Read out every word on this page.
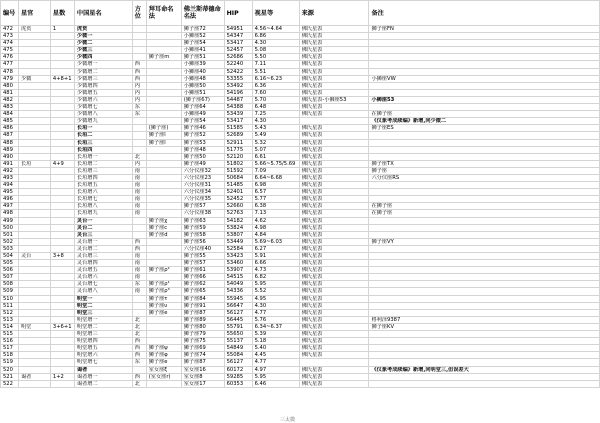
编号	星官	星数	中国星名	方位	拜耳命名法	佛兰斯蒂德命名法	HIP	视星等	来源	备注
472	虎贲	1	虎贲			狮子座72	54951	4.56~4.64	佛氏星表	狮子座FN
473			少微一			小狮座52	54347	6.86	佛氏星表	
474			少微二			狮子座54	53417	4.30	佛氏星表	
475			少微三			小狮座41	52457	5.08	佛氏星表	
476			少微四		狮子座m	狮子座51	52686	5.50	佛氏星表	
477			少微增一	西		小狮座39	52240	7.11	佛氏星表	
478			少微增二	西		小狮座40	52422	5.51	佛氏星表	
479	少微	4+8+1	少微增三	西		小狮座48	53355	6.16~6.23	佛氏星表	小狮座VW
480			少微增四	内		小狮座50	53492	6.36	佛氏星表	
481			少微增五	内		小狮座51	54196	7.60	佛氏星表	
482			少微增六	内		(狮子座67)	54487	5.70	佛氏星表-小狮座53	小狮座53
483			少微增七	东		狮子座64	54388	6.48	佛氏星表	
484			少微增八	东		小狮座49	53439	7.25	佛氏星表	在狮子座
485			少微增九			狮子座54	53417	4.30		《仪象考成续编》新增,同少微二
486			长垣一		(狮子座)	狮子座46	51585	5.43	佛氏星表	狮子座ES
487			长垣二		狮子座l	狮子座52	52689	5.49	佛氏星表	
488			长垣三		狮子座l	狮子座53	52911	5.32	佛氏星表	
489			长垣四			狮子座48	51775	5.07	佛氏星表	
490			长垣增一	北		狮子座50	52120	6.61	佛氏星表	
491	长垣	4+9	长垣增二	内		狮子座49	51802	5.66~5.75/5.69	佛氏星表	狮子座TX
492			长垣增三	南		六分仪座32	51592	7.09	佛氏星表	狮子座
493			长垣增四	南		六分仪座23	50684	6.64~6.68	佛氏星表	六分仪座RS
494			长垣增五	南		六分仪座31	51485	6.98	佛氏星表	
495			长垣增六	南		六分仪座34	52401	6.57	佛氏星表	
496			长垣增七	南		六分仪座35	52452	5.77	佛氏星表	
497			长垣增八	南		狮子座57	52660	6.38	佛氏星表	在狮子座
498			长垣增九	南		六分仪座38	52763	7.13	佛氏星表	在狮子座
499			灵台一		狮子座χ	狮子座63	54182	4.62	佛氏星表	
500			灵台二		狮子座c	狮子座59	53824	4.98	佛氏星表	
501			灵台三		狮子座d	狮子座58	53807	4.84	佛氏星表	
502			灵台增一	西		狮子座56	53449	5.69~6.03	佛氏星表	狮子座VY
503			灵台增二	西		六分仪座40	52584	6.27	佛氏星表	
504	灵台	3+8	灵台增三	南		狮子座55	53423	5.91	佛氏星表	
505			灵台增四	南		狮子座57	53460	6.66	佛氏星表	
506			灵台增五	南	狮子座ρ²	狮子座61	53907	4.73	佛氏星表	
507			灵台增六	南		狮子座66	54515	6.82	佛氏星表	
508			灵台增七	东	狮子座ρ¹	狮子座62	54049	5.95	佛氏星表	
509			灵台增八	南	狮子座ρ³	狮子座65	54336	5.52	佛氏星表	
510			明堂一		狮子座τ	狮子座84	55945	4.95	佛氏星表	
511			明堂二		狮子座υ	狮子座91	56647	4.30	佛氏星表	
512			明堂三		狮子座e	狮子座87	56127	4.77	佛氏星表	
513			明堂增一	北		狮子座89	56445	5.76	佛氏星表	格利泽9387
514	明堂	3+6+1	明堂增二	北		狮子座80	55791	6.34~6.37	佛氏星表	狮子座KV
515			明堂增三	北		狮子座79	55650	5.39	佛氏星表	
516			明堂增四	西		狮子座75	55137	5.18	佛氏星表	
517			明堂增五	西	狮子座ψ	狮子座69	54849	5.40	佛氏星表	
518			明堂增六	西	狮子座φ	狮子座74	55084	4.45	佛氏星表	
519			明堂增七	东	狮子座e	狮子座87	56127	4.77		
520			谒者		室女座ξ	室女座16	60172	4.97	佛氏星表	《仪象考成续编》新增,同明堂三,但误差大
521	谒者	1+2	谒者增一	西	(室女座r)	室女座8	59285	5.95	佛氏星表	
522			谒者增二	北		室女座17	60353	6.46	佛氏星表	
三太微
